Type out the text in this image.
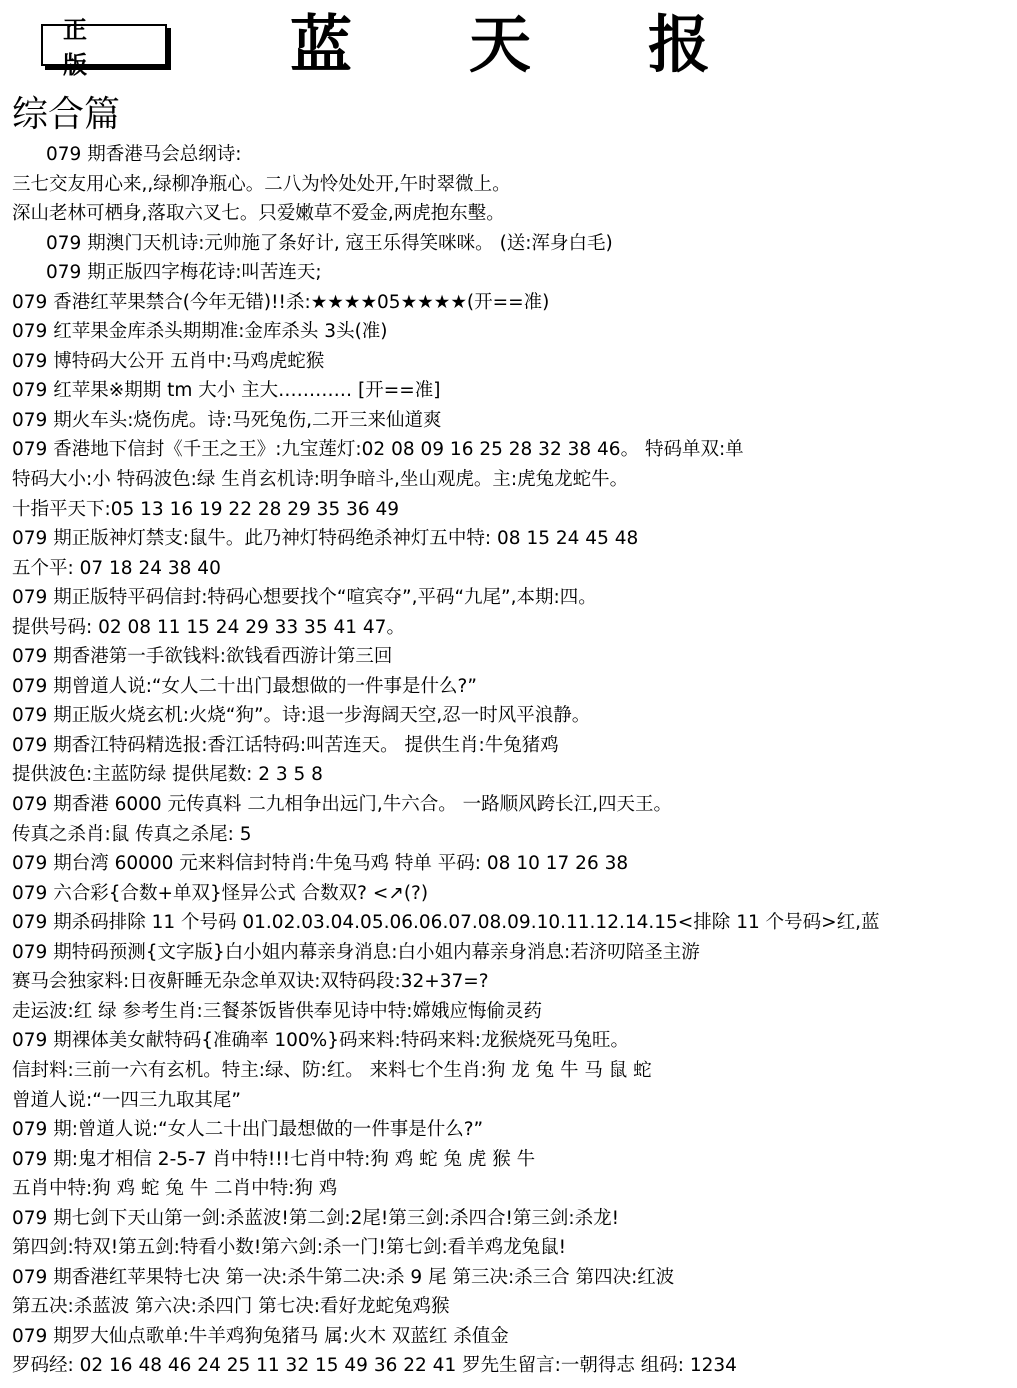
正 版	蓝 天 报
综合篇
079 期香港马会总纲诗:
三七交友用心来,,绿柳净瓶心。二八为怜处处开,午时翠微上。
深山老林可栖身,落取六叉七。只爱嫩草不爱金,两虎抱东墼。
079 期澳门天机诗:元帅施了条好计, 寇王乐得笑咪咪。 (送:浑身白毛)
079 期正版四字梅花诗:叫苦连天;
079 香港红苹果禁合(今年无错)!!杀:★★★★05★★★★(开==准)
079 红苹果金库杀头期期准:金库杀头 3头(准)
079 博特码大公开 五肖中:马鸡虎蛇猴
079 红苹果※期期 tm 大小 主大………… [开==准]
079 期火车头:烧伤虎。诗:马死兔伤,二开三来仙道爽
079 香港地下信封《千王之王》:九宝莲灯:02 08 09 16 25 28 32 38 46。 特码单双:单
特码大小:小 特码波色:绿 生肖玄机诗:明争暗斗,坐山观虎。主:虎兔龙蛇牛。
十指平天下:05 13 16 19 22 28 29 35 36 49
079 期正版神灯禁支:鼠牛。此乃神灯特码绝杀神灯五中特: 08 15 24 45 48
五个平: 07 18 24 38 40
079 期正版特平码信封:特码心想要找个“喧宾夺”,平码“九尾”,本期:四。
提供号码: 02 08 11 15 24 29 33 35 41 47。
079 期香港第一手欲钱料:欲钱看西游计第三回
079 期曾道人说:“女人二十出门最想做的一件事是什么?”
079 期正版火烧玄机:火烧“狗”。诗:退一步海阔天空,忍一时风平浪静。
079 期香江特码精选报:香江话特码:叫苦连天。 提供生肖:牛兔猪鸡
提供波色:主蓝防绿 提供尾数: 2 3 5 8
079 期香港 6000 元传真料 二九相争出远门,牛六合。 一路顺风跨长江,四天王。
传真之杀肖:鼠 传真之杀尾: 5
079 期台湾 60000 元来料信封特肖:牛兔马鸡 特单 平码: 08 10 17 26 38
079 六合彩{合数+单双}怪异公式 合数双? <↗(?)
079 期杀码排除 11 个号码 01.02.03.04.05.06.06.07.08.09.10.11.12.14.15<排除 11 个号码>红,蓝
079 期特码预测{文字版}白小姐内幕亲身消息:白小姐内幕亲身消息:若济叨陪圣主游
赛马会独家料:日夜鼾睡无杂念单双诀:双特码段:32+37=?
走运波:红 绿 参考生肖:三餐茶饭皆供奉见诗中特:嫦娥应悔偷灵药
079 期裸体美女献特码{准确率 100%}码来料:特码来料:龙猴烧死马兔旺。
信封料:三前一六有玄机。特主:绿、防:红。 来料七个生肖:狗 龙 兔 牛 马 鼠 蛇
曾道人说:“一四三九取其尾”
079 期:曾道人说:“女人二十出门最想做的一件事是什么?”
079 期:鬼才相信 2-5-7 肖中特!!!七肖中特:狗 鸡 蛇 兔 虎 猴 牛
五肖中特:狗 鸡 蛇 兔 牛 二肖中特:狗 鸡
079 期七剑下天山第一剑:杀蓝波!第二剑:2尾!第三剑:杀四合!第三剑:杀龙!
第四剑:特双!第五剑:特看小数!第六剑:杀一门!第七剑:看羊鸡龙兔鼠!
079 期香港红苹果特七决 第一决:杀牛第二决:杀 9 尾 第三决:杀三合 第四决:红波
第五决:杀蓝波 第六决:杀四门 第七决:看好龙蛇兔鸡猴
079 期罗大仙点歌单:牛羊鸡狗兔猪马 属:火木 双蓝红 杀值金
罗码经: 02 16 48 46 24 25 11 32 15 49 36 22 41 罗先生留言:一朝得志 组码: 1234
